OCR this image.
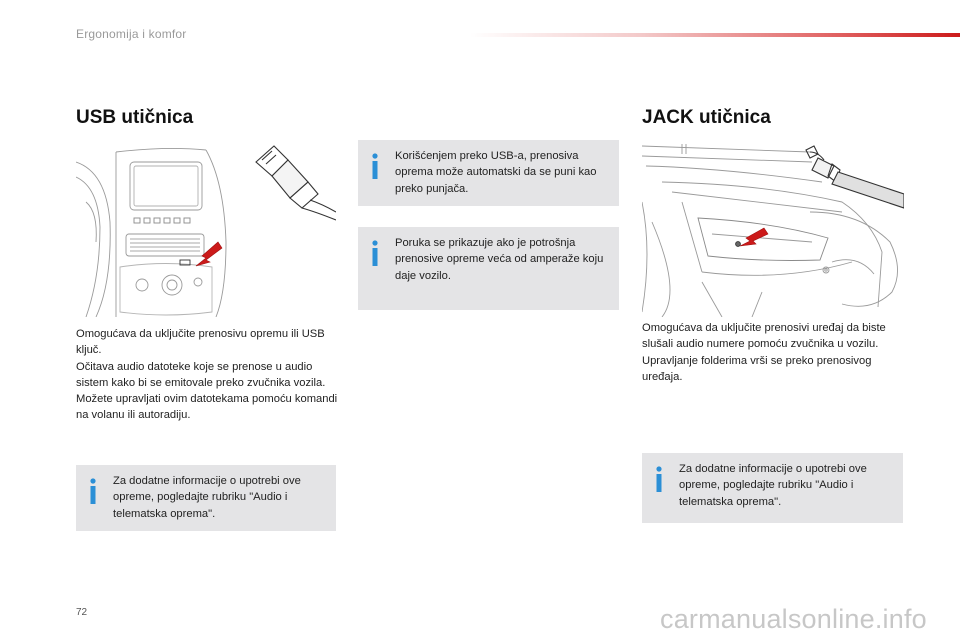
Ergonomija i komfor
USB utičnica

Omogućava da uključite prenosivu opremu ili USB ključ.

Očitava audio datoteke koje se prenose u audio sistem kako bi se emitovale preko zvučnika vozila.

Možete upravljati ovim datotekama pomoću komandi na volanu ili autoradiju.

Za dodatne informacije o upotrebi ove opreme, pogledajte rubriku "Audio i telematska oprema".
Korišćenjem preko USB-a, prenosiva oprema može automatski da se puni kao preko punjača.
Poruka se prikazuje ako je potrošnja prenosive opreme veća od amperaže koju daje vozilo.
JACK utičnica

Omogućava da uključite prenosivi uređaj da biste slušali audio numere pomoću zvučnika u vozilu.

Upravljanje folderima vrši se preko prenosivog uređaja.

Za dodatne informacije o upotrebi ove opreme, pogledajte rubriku "Audio i telematska oprema".
72	carmanualsonline.info
